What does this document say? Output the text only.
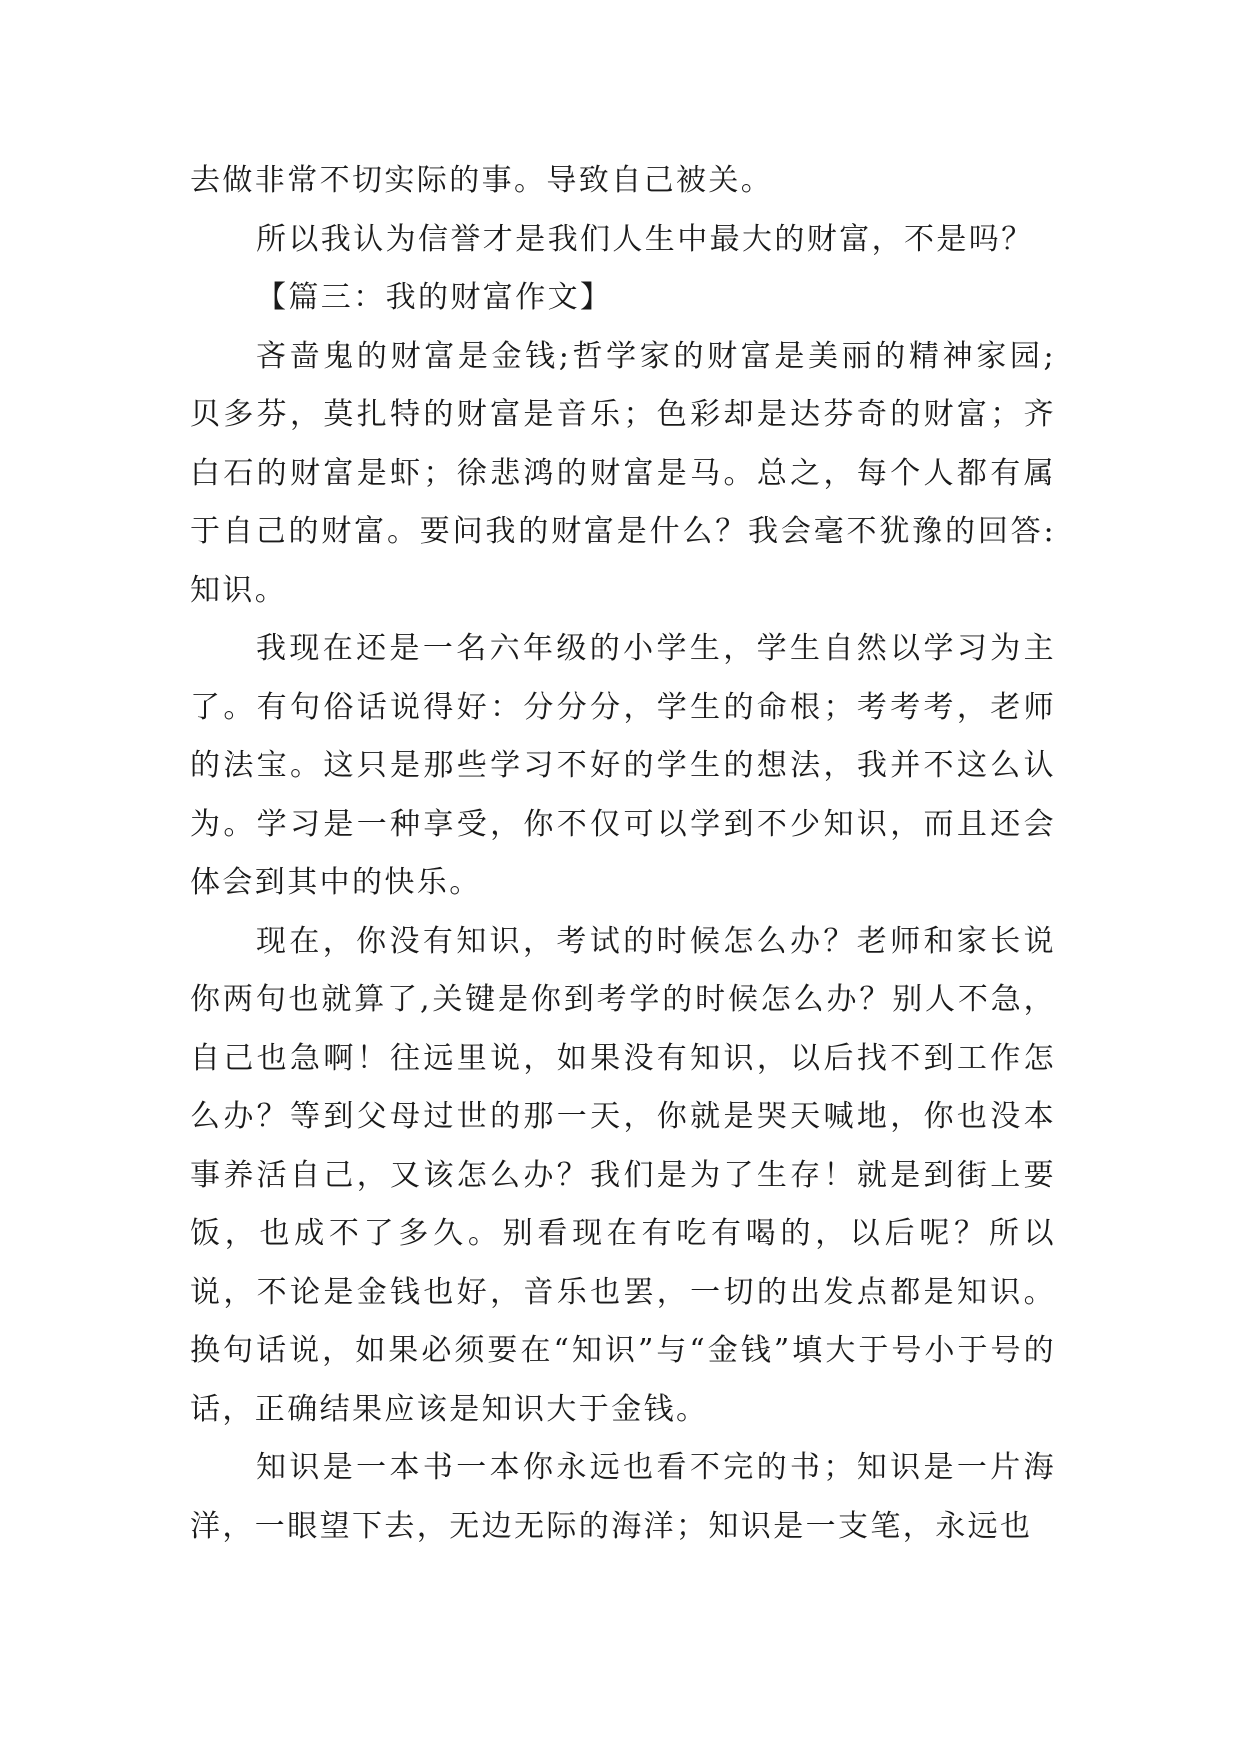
去做非常不切实际的事。导致自己被关。

所以我认为信誉才是我们人生中最大的财富，不是吗？

【篇三：我的财富作文】

吝啬鬼的财富是金钱;哲学家的财富是美丽的精神家园;贝多芬，莫扎特的财富是音乐；色彩却是达芬奇的财富；齐白石的财富是虾；徐悲鸿的财富是马。总之，每个人都有属于自己的财富。要问我的财富是什么？我会毫不犹豫的回答:知识。

我现在还是一名六年级的小学生，学生自然以学习为主了。有句俗话说得好：分分分，学生的命根；考考考，老师的法宝。这只是那些学习不好的学生的想法，我并不这么认为。学习是一种享受，你不仅可以学到不少知识，而且还会体会到其中的快乐。

现在，你没有知识，考试的时候怎么办？老师和家长说你两句也就算了,关键是你到考学的时候怎么办？别人不急，自己也急啊！往远里说，如果没有知识，以后找不到工作怎么办？等到父母过世的那一天，你就是哭天喊地，你也没本事养活自己，又该怎么办？我们是为了生存！就是到街上要饭，也成不了多久。别看现在有吃有喝的，以后呢？所以说，不论是金钱也好，音乐也罢，一切的出发点都是知识。换句话说，如果必须要在“知识”与“金钱”填大于号小于号的话，正确结果应该是知识大于金钱。

知识是一本书一本你永远也看不完的书；知识是一片海洋，一眼望下去，无边无际的海洋；知识是一支笔，永远也
